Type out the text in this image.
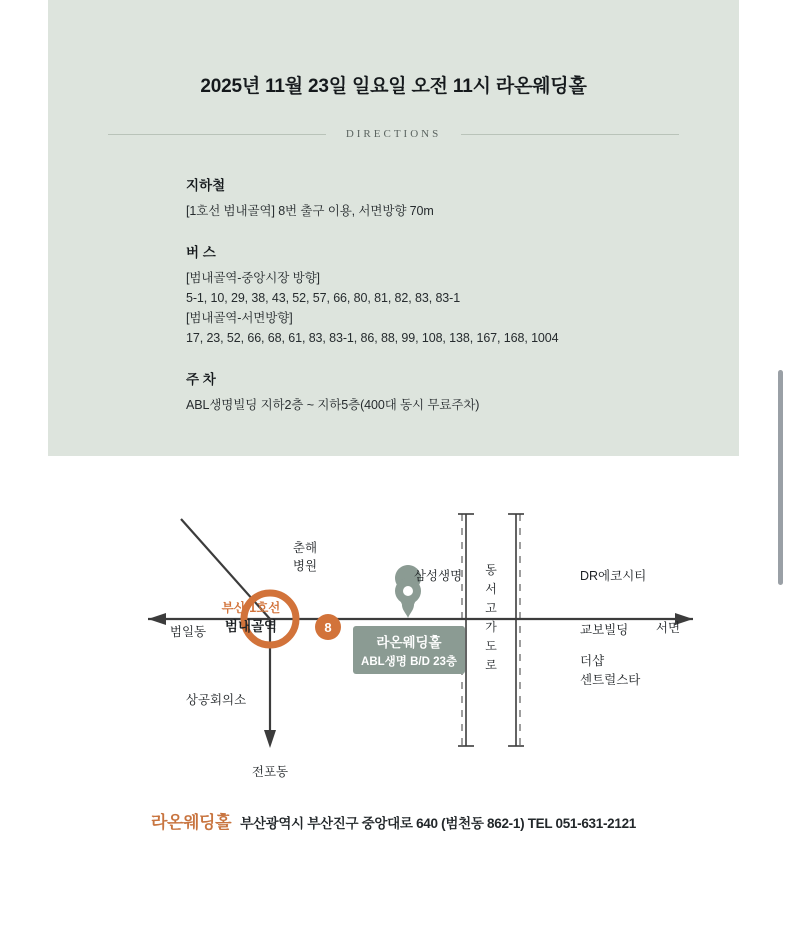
2025년 11월 23일 일요일 오전 11시 라온웨딩홀
DIRECTIONS
지하철
[1호선 범내골역] 8번 출구 이용, 서면방향 70m
버 스
[범내골역-중앙시장 방향]
5-1, 10, 29, 38, 43, 52, 57, 66, 80, 81, 82, 83, 83-1
[범내골역-서면방향]
17, 23, 52, 66, 68, 61, 83, 83-1, 86, 88, 99, 108, 138, 167, 168, 1004
주 차
ABL생명빌딩 지하2층 ~ 지하5층(400대 동시 무료주차)
8
부산 1호선
범내골역
라온웨딩홀
ABL생명 B/D 23층
춘해
병원
삼성생명 동
서
고
가
도
로
DR에코시티
교보빌딩
더샵
센트럴스타
서면
범일동
상공회의소
전포동
라온웨딩홀 부산광역시 부산진구 중앙대로 640 (범천동 862-1) TEL 051-631-2121
